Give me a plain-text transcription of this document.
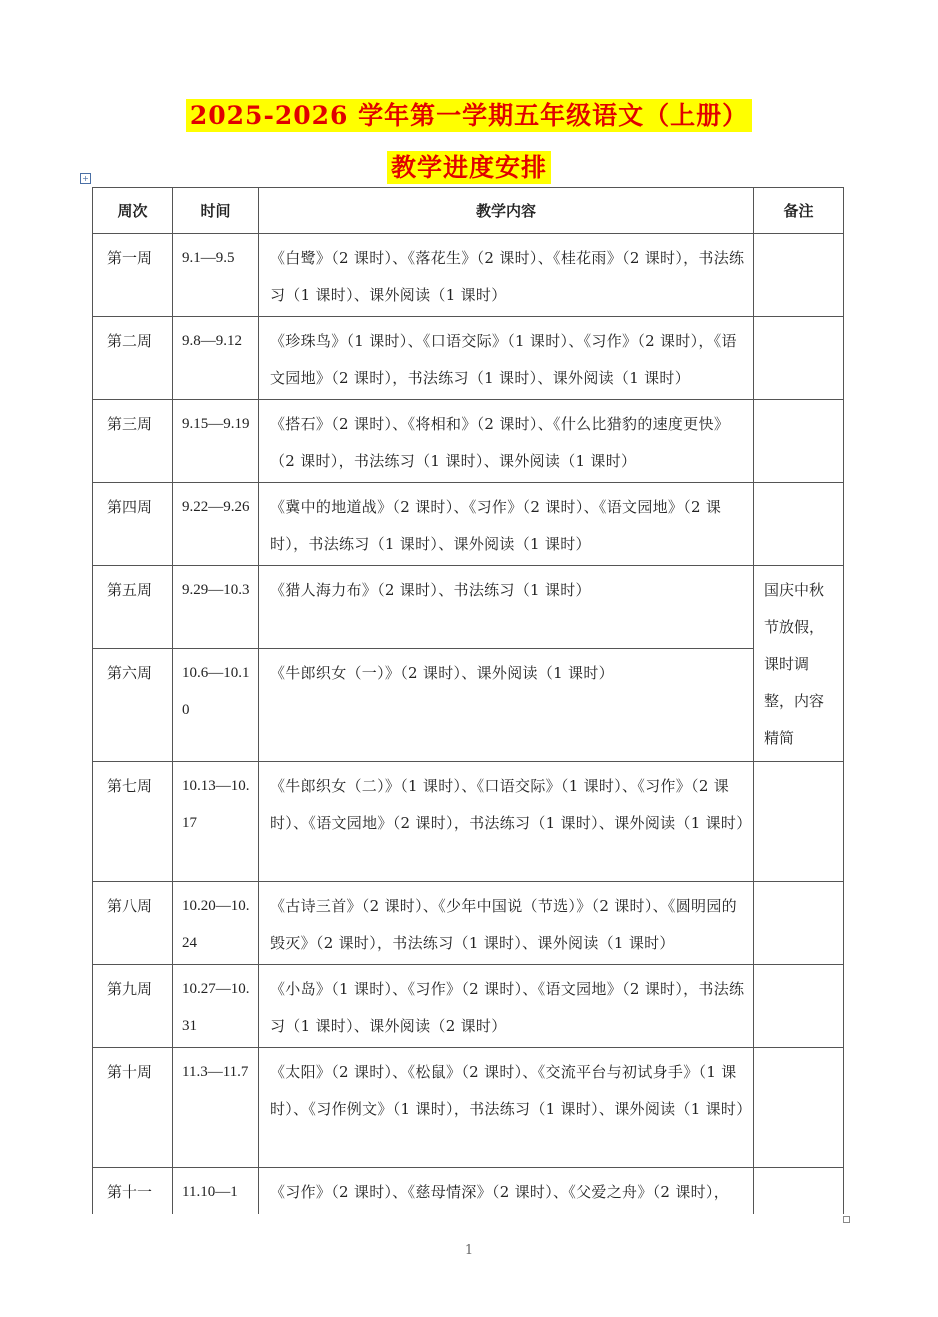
2025-2026 学年第一学期五年级语文（上册）
教学进度安排
+
周次	时间	教学内容	备注
第一周	9.1—9.5	《白鹭》（2 课时）、《落花生》（2 课时）、《桂花雨》（2 课时），书法练习（1 课时）、课外阅读（1 课时）	
第二周	9.8—9.12	《珍珠鸟》（1 课时）、《口语交际》（1 课时）、《习作》（2 课时），《语文园地》（2 课时），书法练习（1 课时）、课外阅读（1 课时）	
第三周	9.15—9.19	《搭石》（2 课时）、《将相和》（2 课时）、《什么比猎豹的速度更快》（2 课时），书法练习（1 课时）、课外阅读（1 课时）	
第四周	9.22—9.26	《冀中的地道战》（2 课时）、《习作》（2 课时）、《语文园地》（2 课时），书法练习（1 课时）、课外阅读（1 课时）	
第五周	9.29—10.3	《猎人海力布》（2 课时）、书法练习（1 课时）	国庆中秋节放假，课时调整，内容精简
第六周	10.6—10.10	《牛郎织女（一）》（2 课时）、课外阅读（1 课时）	
第七周	10.13—10.17	《牛郎织女（二）》（1 课时）、《口语交际》（1 课时）、《习作》（2 课时）、《语文园地》（2 课时），书法练习（1 课时）、课外阅读（1 课时）	
第八周	10.20—10.24	《古诗三首》（2 课时）、《少年中国说（节选）》（2 课时）、《圆明园的毁灭》（2 课时），书法练习（1 课时）、课外阅读（1 课时）	
第九周	10.27—10.31	《小岛》（1 课时）、《习作》（2 课时）、《语文园地》（2 课时），书法练习（1 课时）、课外阅读（2 课时）	
第十周	11.3—11.7	《太阳》（2 课时）、《松鼠》（2 课时）、《交流平台与初试身手》（1 课时）、《习作例文》（1 课时），书法练习（1 课时）、课外阅读（1 课时）	
第十一	11.10—1	《习作》（2 课时）、《慈母情深》（2 课时）、《父爱之舟》（2 课时），	
1
